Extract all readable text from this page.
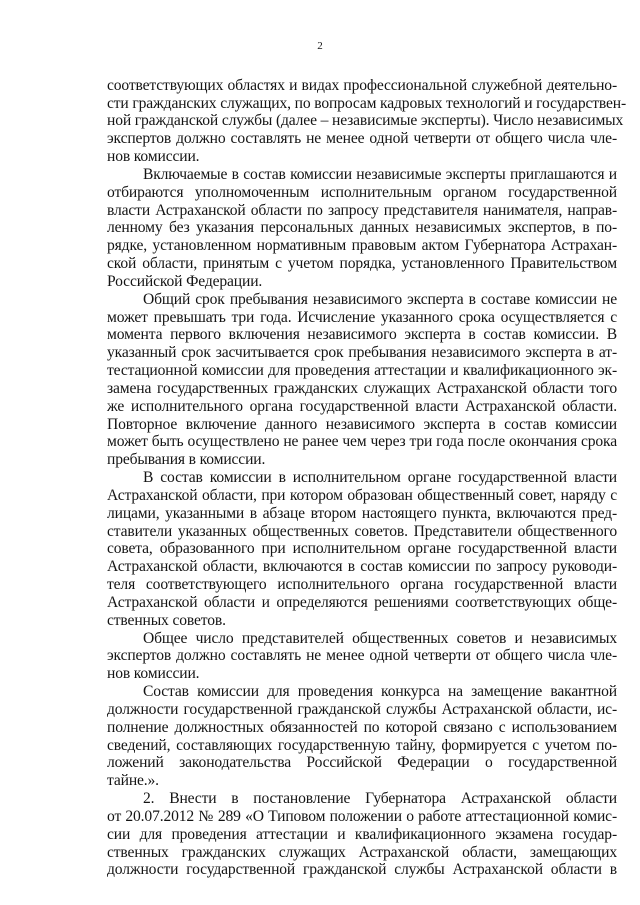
2
соответствующих областях и видах профессиональной служебной деятельно-
сти гражданских служащих, по вопросам кадровых технологий и государствен-
ной гражданской службы (далее – независимые эксперты). Число независимых
экспертов должно составлять не менее одной четверти от общего числа чле-
нов комиссии.
Включаемые в состав комиссии независимые эксперты приглашаются и
отбираются уполномоченным исполнительным органом государственной
власти Астраханской области по запросу представителя нанимателя, направ-
ленному без указания персональных данных независимых экспертов, в по-
рядке, установленном нормативным правовым актом Губернатора Астрахан-
ской области, принятым с учетом порядка, установленного Правительством
Российской Федерации.
Общий срок пребывания независимого эксперта в составе комиссии не
может превышать три года. Исчисление указанного срока осуществляется с
момента первого включения независимого эксперта в состав комиссии. В
указанный срок засчитывается срок пребывания независимого эксперта в ат-
тестационной комиссии для проведения аттестации и квалификационного эк-
замена государственных гражданских служащих Астраханской области того
же исполнительного органа государственной власти Астраханской области.
Повторное включение данного независимого эксперта в состав комиссии
может быть осуществлено не ранее чем через три года после окончания срока
пребывания в комиссии.
В состав комиссии в исполнительном органе государственной власти
Астраханской области, при котором образован общественный совет, наряду с
лицами, указанными в абзаце втором настоящего пункта, включаются пред-
ставители указанных общественных советов. Представители общественного
совета, образованного при исполнительном органе государственной власти
Астраханской области, включаются в состав комиссии по запросу руководи-
теля соответствующего исполнительного органа государственной власти
Астраханской области и определяются решениями соответствующих обще-
ственных советов.
Общее число представителей общественных советов и независимых
экспертов должно составлять не менее одной четверти от общего числа чле-
нов комиссии.
Состав комиссии для проведения конкурса на замещение вакантной
должности государственной гражданской службы Астраханской области, ис-
полнение должностных обязанностей по которой связано с использованием
сведений, составляющих государственную тайну, формируется с учетом по-
ложений законодательства Российской Федерации о государственной
тайне.».
2. Внести в постановление Губернатора Астраханской области
от 20.07.2012 № 289 «О Типовом положении о работе аттестационной комис-
сии для проведения аттестации и квалификационного экзамена государ-
ственных гражданских служащих Астраханской области, замещающих
должности государственной гражданской службы Астраханской области в
